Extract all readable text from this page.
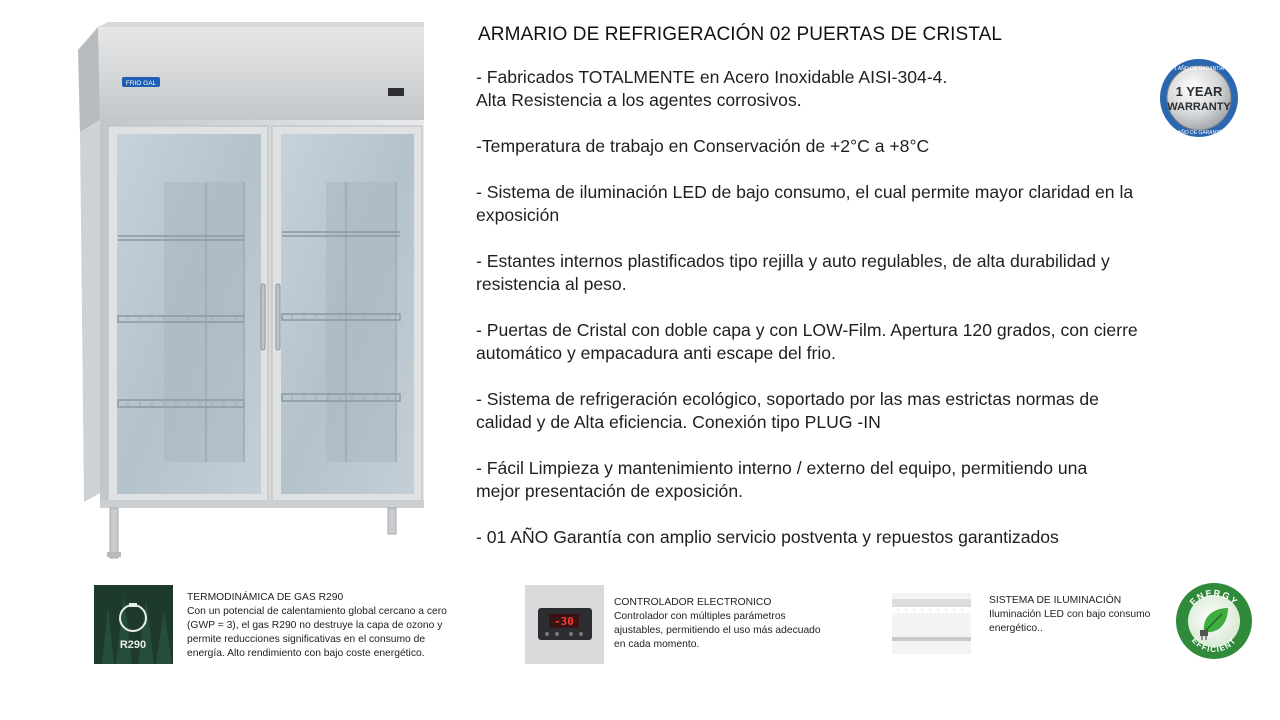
FRIO GAL
ARMARIO DE REFRIGERACIÓN 02 PUERTAS DE CRISTAL
- Fabricados TOTALMENTE en Acero Inoxidable AISI-304-4.
Alta Resistencia a los agentes corrosivos.
-Temperatura de trabajo en Conservación de +2°C a +8°C
- Sistema de iluminación LED de bajo consumo, el cual permite mayor claridad en la
exposición
- Estantes internos plastificados tipo rejilla y auto regulables, de alta durabilidad y
resistencia al peso.
- Puertas de Cristal con doble capa y con LOW-Film. Apertura 120 grados, con cierre
automático y empacadura anti escape del frio.
- Sistema de refrigeración ecológico, soportado por las mas estrictas normas de
calidad y de Alta eficiencia. Conexión tipo PLUG -IN
- Fácil Limpieza y mantenimiento interno / externo del equipo, permitiendo una
mejor presentación de exposición.
- 01 AÑO Garantía con amplio servicio postventa y repuestos garantizados
1 AÑO DE GARANTÍA
1 AÑO DE GARANTÍA
1 YEAR
WARRANTY
R290
TERMODINÁMICA DE GAS R290
Con un potencial de calentamiento global cercano a cero
(GWP = 3), el gas R290 no destruye la capa de ozono y
permite reducciones significativas en el consumo de
energía. Alto rendimiento con bajo coste energético.
-30
CONTROLADOR ELECTRONICO
Controlador con múltiples parámetros
ajustables, permitiendo el uso más adecuado
en cada momento.
SISTEMA DE ILUMINACIÓN
Iluminación LED con bajo consumo
energético..
ENERGY
EFFICIENT
